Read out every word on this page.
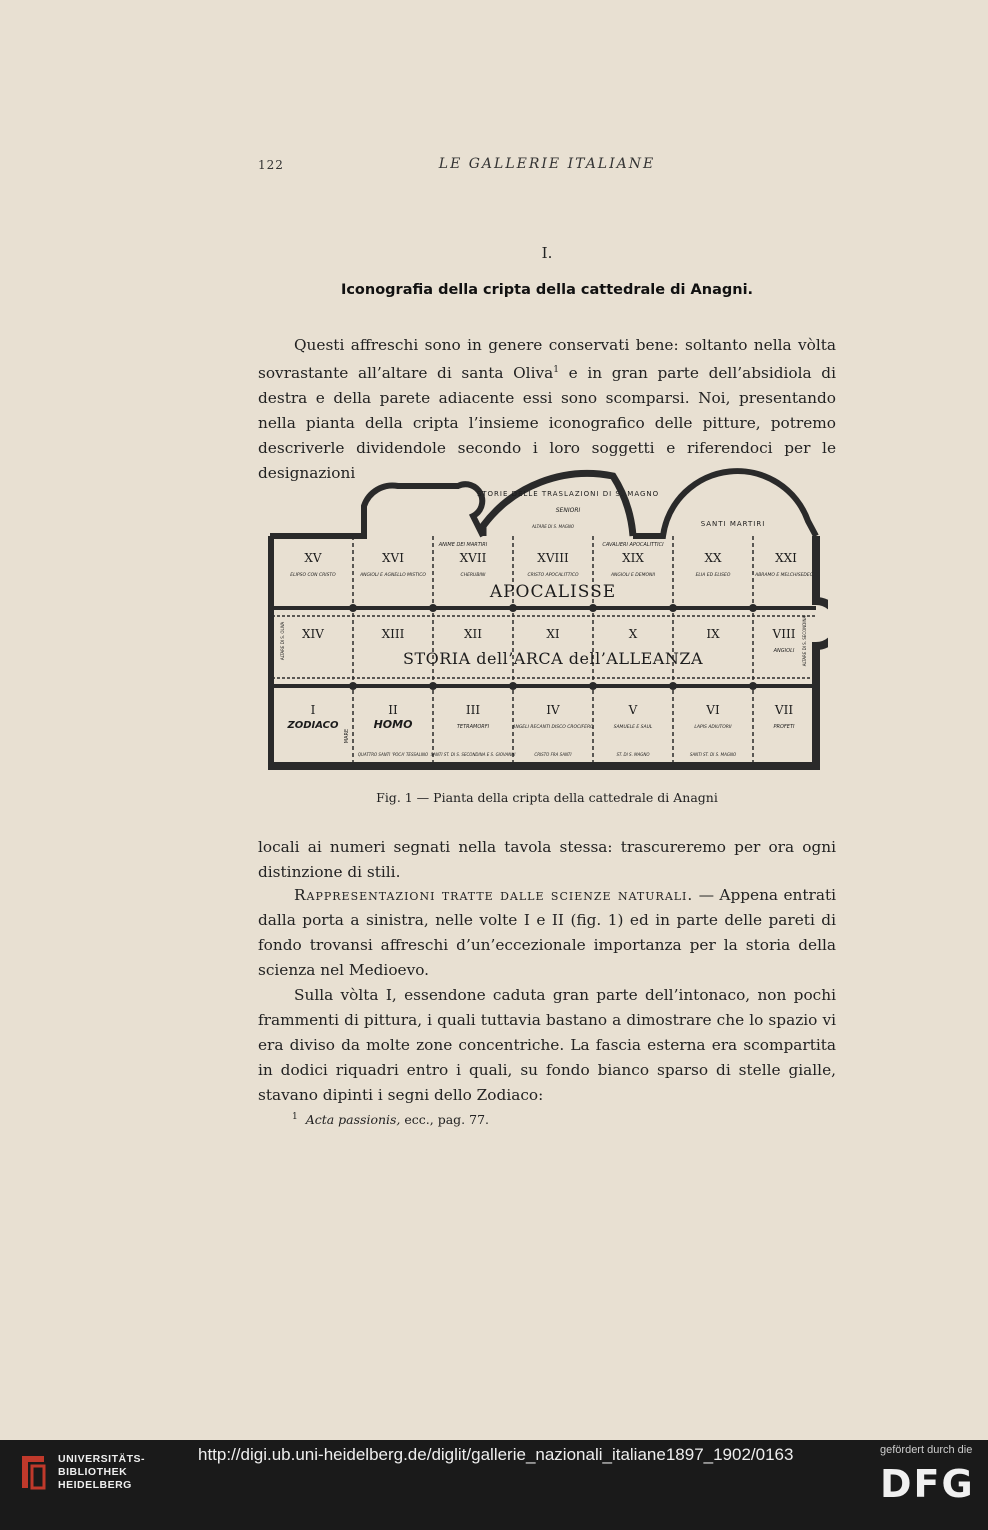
122	LE GALLERIE ITALIANE
I.
Iconografia della cripta della cattedrale di Anagni.
Questi affreschi sono in genere conservati bene: soltanto nella vòlta sovrastante all’altare di santa Oliva$^1$ e in gran parte dell’absidiola di destra e della parete adiacente essi sono scomparsi. Noi, presentando nella pianta della cripta l’insieme iconografico delle pitture, potremo descriverle dividendole secondo i loro soggetti e riferendoci per le designazioni
STORIE DELLE TRASLAZIONI DI S. MAGNO
SENIORI
SANTI MARTIRI
ANIME DEI MARTIRI	CAVALIERI APOCALITTICI
XV	XVI	XVII	XVIII	XIX	XX	XXI
ELIPSO CON CRISTO	ANGIOLI E AGNELLO MISTICO	CHERUBINI	CRISTO APOCALITTICO	ANGIOLI E DEMONII	ELIA ED ELISEO	ABRAMO E MELCHISEDEC
APOCALISSE
XIV	XIII	XII	XI	X	IX	VIII
ANGIOLI
STORIA dell’ARCA dell’ALLEANZA
I	II	III	IV	V	VI	VII
ZODIACO	HOMO	TETRAMORFI	ANGELI RECANTI DISCO CROCIFERO	SAMUELE E SAUL	LAPIS ADIUTORII	PROFETI
QUATTRO SANTI ‘POCA’ TESSALINO SANTI ST. DI S. SECONDINA E S. GIOVANNI	CRISTO FRA SANTI	ST. DI S. MAGNO	SANTI ST. DI S. MAGNO
MARE
ALTARE DI S. OLIVA
ALTARE DI S. MAGNO
ALTARE DI S. SECONDINA
Fig. 1 — Pianta della cripta della cattedrale di Anagni
locali ai numeri segnati nella tavola stessa: trascureremo per ora ogni distinzione di stili.
Rappresentazioni tratte dalle scienze naturali. — Appena entrati dalla porta a sinistra, nelle volte I e II (fig. 1) ed in parte delle pareti di fondo trovansi affreschi d’un’eccezionale importanza per la storia della scienza nel Medioevo.
Sulla vòlta I, essendone caduta gran parte dell’intonaco, non pochi frammenti di pittura, i quali tuttavia bastano a dimostrare che lo spazio vi era diviso da molte zone concentriche. La fascia esterna era scompartita in dodici riquadri entro i quali, su fondo bianco sparso di stelle gialle, stavano dipinti i segni dello Zodiaco:
$^1$ Acta passionis, ecc., pag. 77.
UNIVERSITÄTS-
BIBLIOTHEK
HEIDELBERG
http://digi.ub.uni-heidelberg.de/diglit/gallerie_nazionali_italiane1897_1902/0163	gefördert durch die
DFG
